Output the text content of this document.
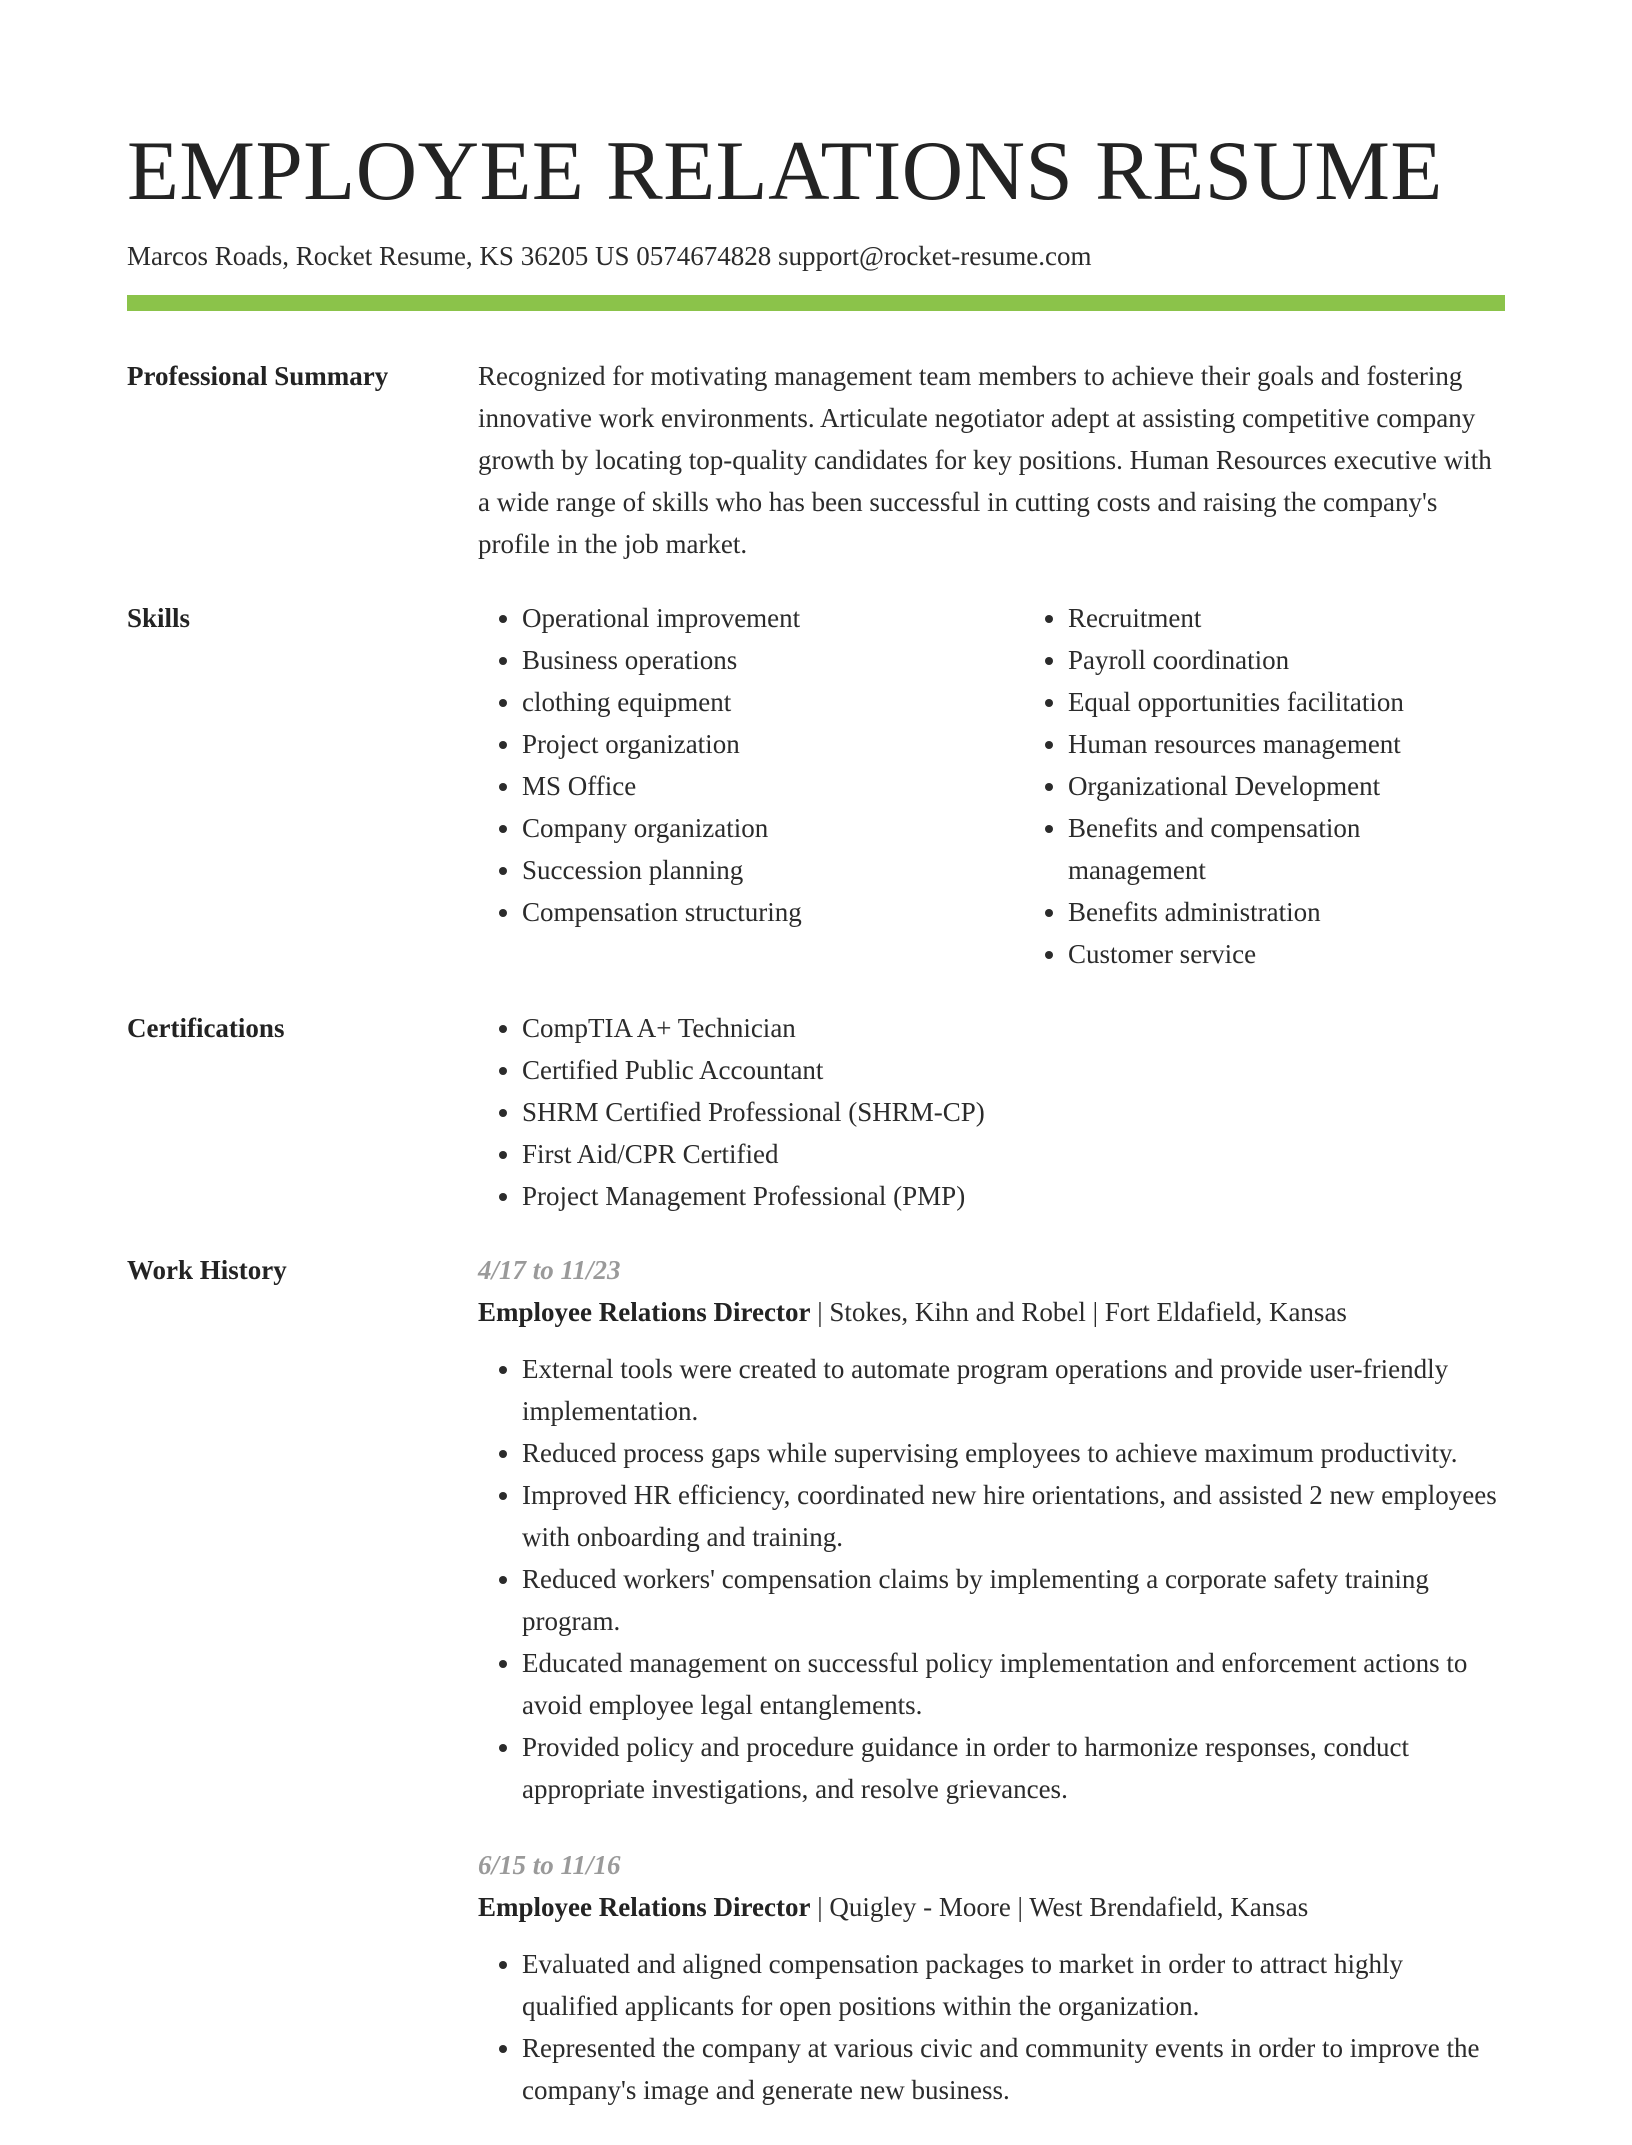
EMPLOYEE RELATIONS RESUME
Marcos Roads, Rocket Resume, KS 36205 US 0574674828 support@rocket-resume.com
Professional Summary	Recognized for motivating management team members to achieve their goals and fostering innovative work environments. Articulate negotiator adept at assisting competitive company growth by locating top-quality candidates for key positions. Human Resources executive with a wide range of skills who has been successful in cutting costs and raising the company's profile in the job market.

Skills	• Operational improvement
• Business operations
• clothing equipment
• Project organization
• MS Office
• Company organization
• Succession planning
• Compensation structuring
• Recruitment
• Payroll coordination
• Equal opportunities facilitation
• Human resources management
• Organizational Development
• Benefits and compensation management
• Benefits administration
• Customer service
Certifications	• CompTIA A+ Technician
• Certified Public Accountant
• SHRM Certified Professional (SHRM-CP)
• First Aid/CPR Certified
• Project Management Professional (PMP)
Work History	4/17 to 11/23
Employee Relations Director | Stokes, Kihn and Robel | Fort Eldafield, Kansas
• External tools were created to automate program operations and provide user-friendly implementation.
• Reduced process gaps while supervising employees to achieve maximum productivity.
• Improved HR efficiency, coordinated new hire orientations, and assisted 2 new employees with onboarding and training.
• Reduced workers' compensation claims by implementing a corporate safety training program.
• Educated management on successful policy implementation and enforcement actions to avoid employee legal entanglements.
• Provided policy and procedure guidance in order to harmonize responses, conduct appropriate investigations, and resolve grievances.
6/15 to 11/16
Employee Relations Director | Quigley - Moore | West Brendafield, Kansas
• Evaluated and aligned compensation packages to market in order to attract highly qualified applicants for open positions within the organization.
• Represented the company at various civic and community events in order to improve the company's image and generate new business.
